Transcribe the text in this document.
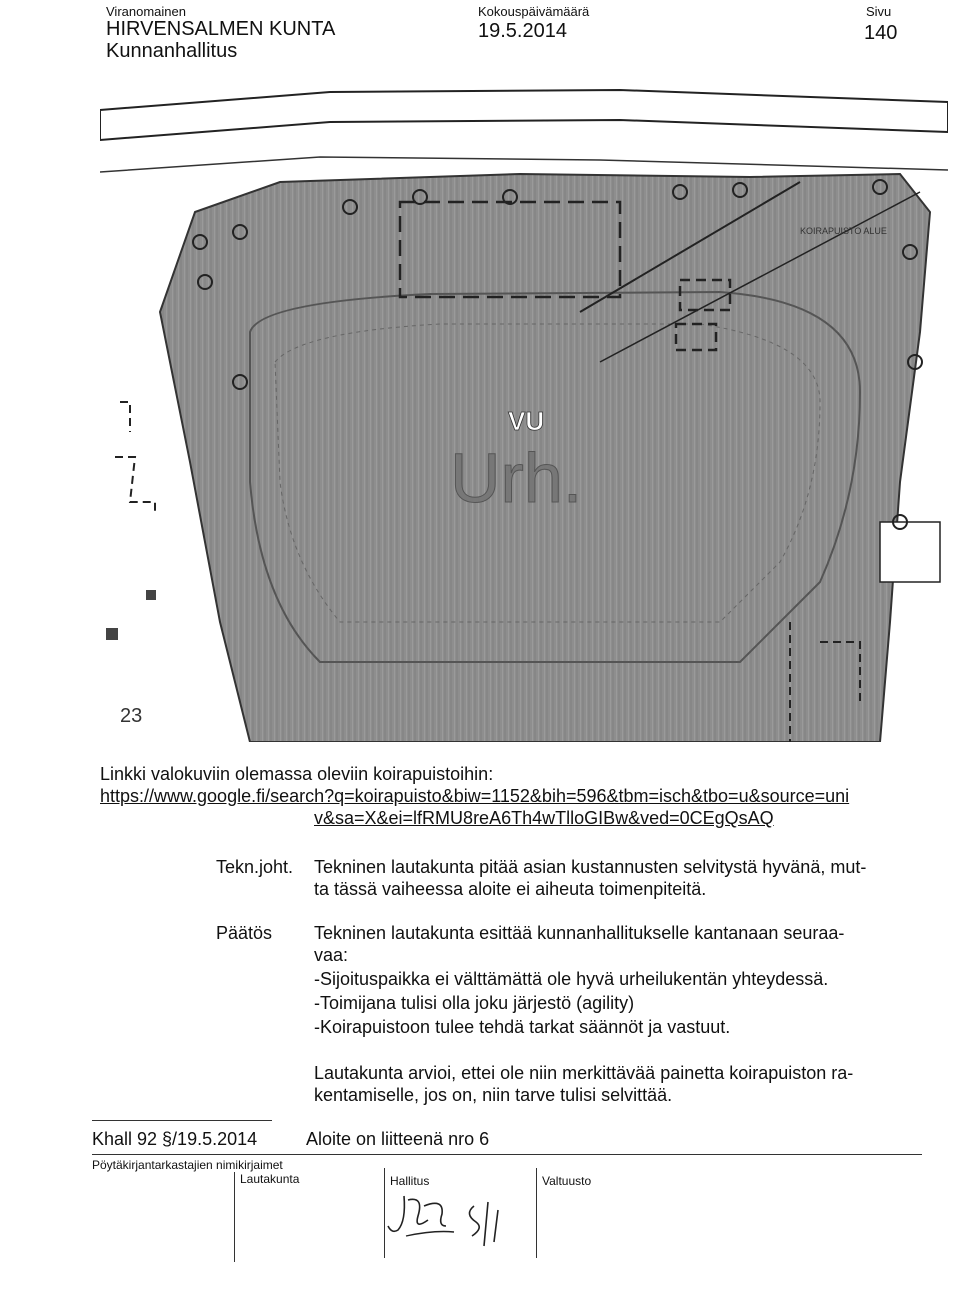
Viranomainen
HIRVENSALMEN KUNTA
Kunnanhallitus
Kokouspäivämäärä
19.5.2014
Sivu
140
VU
Urh.
23
KOIRAPUISTO ALUE
Linkki valokuviin olemassa oleviin koirapuistoihin:
https://www.google.fi/search?q=koirapuisto&biw=1152&bih=596&tbm=isch&tbo=u&source=uni
v&sa=X&ei=lfRMU8reA6Th4wTlloGIBw&ved=0CEgQsAQ
Tekn.joht. Tekninen lautakunta pitää asian kustannusten selvitystä hyvänä, mut-
ta tässä vaiheessa aloite ei aiheuta toimenpiteitä.
Päätös Tekninen lautakunta esittää kunnanhallitukselle kantanaan seuraa-
vaa:
-Sijoituspaikka ei välttämättä ole hyvä urheilukentän yhteydessä.
-Toimijana tulisi olla joku järjestö (agility)
-Koirapuistoon tulee tehdä tarkat säännöt ja vastuut.
Lautakunta arvioi, ettei ole niin merkittävää painetta koirapuiston ra-
kentamiselle, jos on, niin tarve tulisi selvittää.
Khall 92 §/19.5.2014	Aloite on liitteenä nro 6
Pöytäkirjantarkastajien nimikirjaimet
Lautakunta	Hallitus	Valtuusto
